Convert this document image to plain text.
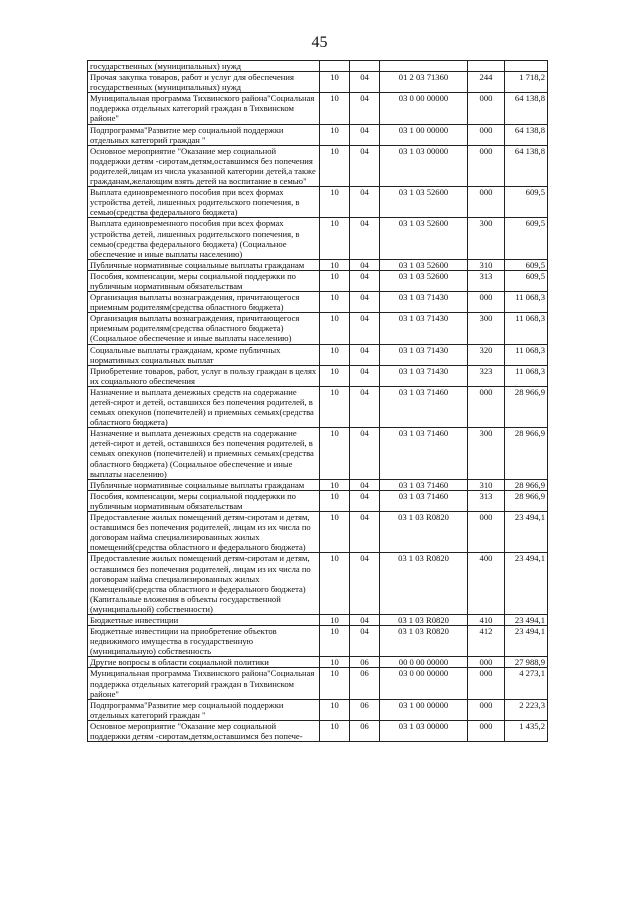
45
государственных (муниципальных) нужд					
Прочая закупка товаров, работ и услуг для обеспечения государственных (муниципальных) нужд	10	04	01 2 03 71360	244	1 718,2
Муниципальная программа Тихвинского района"Социальная поддержка отдельных категорий граждан в Тихвинском районе"	10	04	03 0 00 00000	000	64 138,8
Подпрограмма"Развитие мер социальной поддержки отдельных категорий граждан "	10	04	03 1 00 00000	000	64 138,8
Основное мероприятие "Оказание мер социальной поддержки детям -сиротам,детям,оставшимся без попечения родителей,лицам из числа указанной категории детей,а также гражданам,желающим взять детей на воспитание в семью"	10	04	03 1 03 00000	000	64 138,8
Выплата единовременного пособия при всех формах устройства детей, лишенных родительского попечения, в семью(средства федерального бюджета)	10	04	03 1 03 52600	000	609,5
Выплата единовременного пособия при всех формах устройства детей, лишенных родительского попечения, в семью(средства федерального бюджета) (Социальное обеспечение и иные выплаты населению)	10	04	03 1 03 52600	300	609,5
Публичные нормативные социальные выплаты гражданам	10	04	03 1 03 52600	310	609,5
Пособия, компенсации, меры социальной поддержки по публичным нормативным обязательствам	10	04	03 1 03 52600	313	609,5
Организация выплаты вознаграждения, причитающегося приемным родителям(средства областного бюджета)	10	04	03 1 03 71430	000	11 068,3
Организация выплаты вознаграждения, причитающегося приемным родителям(средства областного бюджета) (Социальное обеспечение и иные выплаты населению)	10	04	03 1 03 71430	300	11 068,3
Социальные выплаты гражданам, кроме публичных нормативных социальных выплат	10	04	03 1 03 71430	320	11 068,3
Приобретение товаров, работ, услуг в пользу граждан в целях их социального обеспечения	10	04	03 1 03 71430	323	11 068,3
Назначение и выплата денежных средств на содержание детей-сирот и детей, оставшихся без попечения родителей, в семьях опекунов (попечителей) и приемных семьях(средства областного бюджета)	10	04	03 1 03 71460	000	28 966,9
Назначение и выплата денежных средств на содержание детей-сирот и детей, оставшихся без попечения родителей, в семьях опекунов (попечителей) и приемных семьях(средства областного бюджета) (Социальное обеспечение и иные выплаты населению)	10	04	03 1 03 71460	300	28 966,9
Публичные нормативные социальные выплаты гражданам	10	04	03 1 03 71460	310	28 966,9
Пособия, компенсации, меры социальной поддержки по публичным нормативным обязательствам	10	04	03 1 03 71460	313	28 966,9
Предоставление жилых помещений детям-сиротам и детям, оставшимся без попечения родителей, лицам из их числа по договорам найма специализированных жилых помещений(средства областного и федерального бюджета)	10	04	03 1 03 R0820	000	23 494,1
Предоставление жилых помещений детям-сиротам и детям, оставшимся без попечения родителей, лицам из их числа по договорам найма специализированных жилых помещений(средства областного и федерального бюджета) (Капитальные вложения в объекты государственной (муниципальной) собственности)	10	04	03 1 03 R0820	400	23 494,1
Бюджетные инвестиции	10	04	03 1 03 R0820	410	23 494,1
Бюджетные инвестиции на приобретение объектов недвижимого имущества в государственную (муниципальную) собственность	10	04	03 1 03 R0820	412	23 494,1
Другие вопросы в области социальной политики	10	06	00 0 00 00000	000	27 988,9
Муниципальная программа Тихвинского района"Социальная поддержка отдельных категорий граждан в Тихвинском районе"	10	06	03 0 00 00000	000	4 273,1
Подпрограмма"Развитие мер социальной поддержки отдельных категорий граждан "	10	06	03 1 00 00000	000	2 223,3
Основное мероприятие "Оказание мер социальной поддержки детям -сиротам,детям,оставшимся без попече-	10	06	03 1 03 00000	000	1 435,2
